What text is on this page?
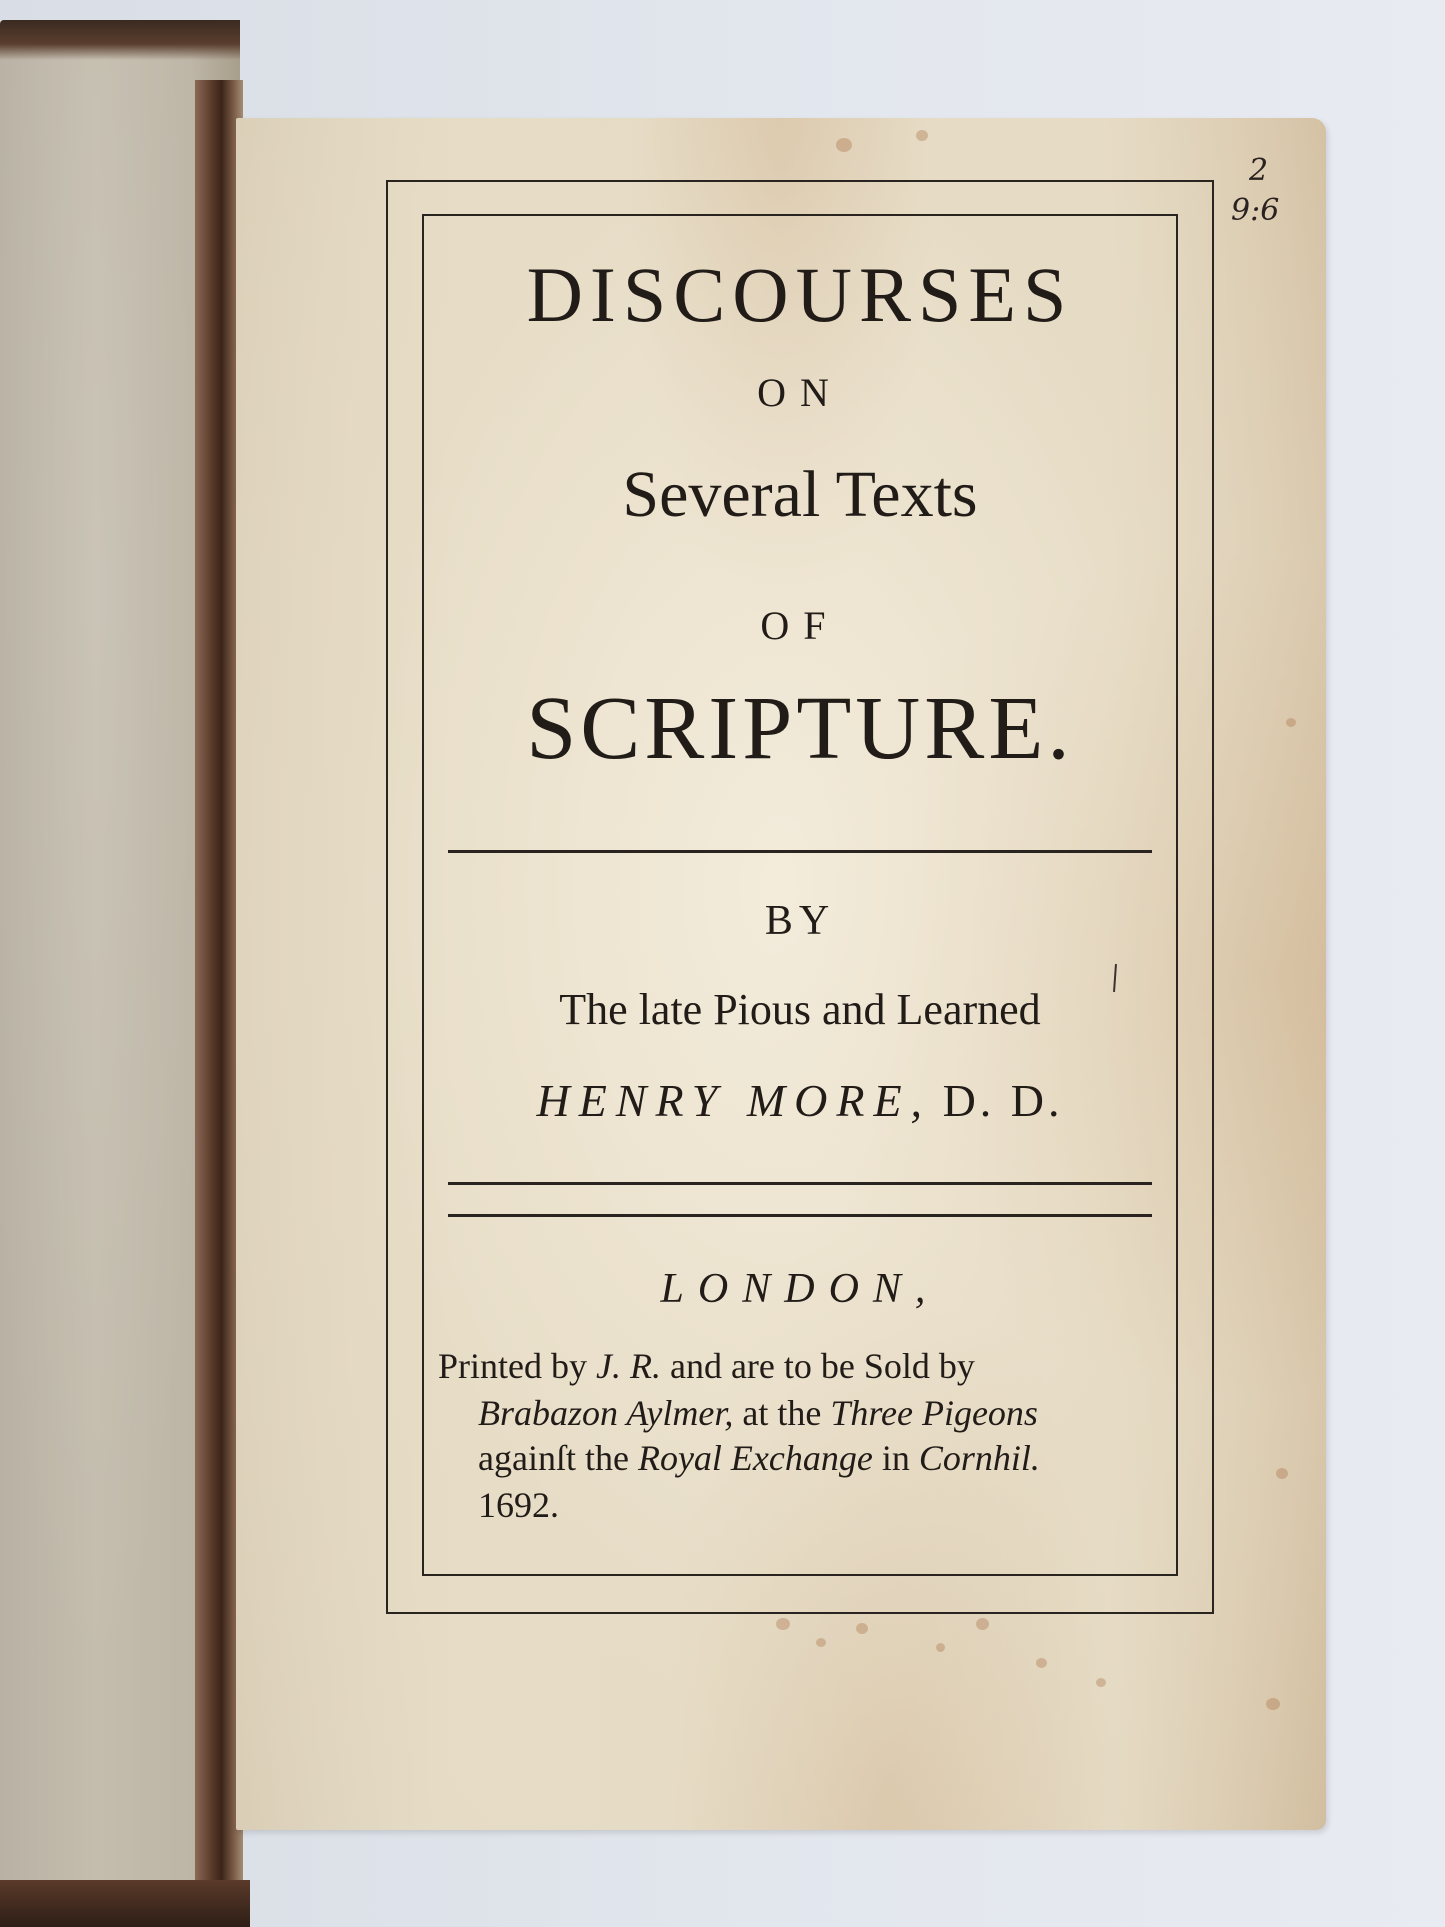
2
9:6
DISCOURSES
ON
Several Texts
OF
SCRIPTURE.
BY
The late Pious and Learned
HENRY MORE, D. D.
LONDON,
Printed by J. R. and are to be Sold by
Brabazon Aylmer, at the Three Pigeons
againſt the Royal Exchange in Cornhil.
1692.
